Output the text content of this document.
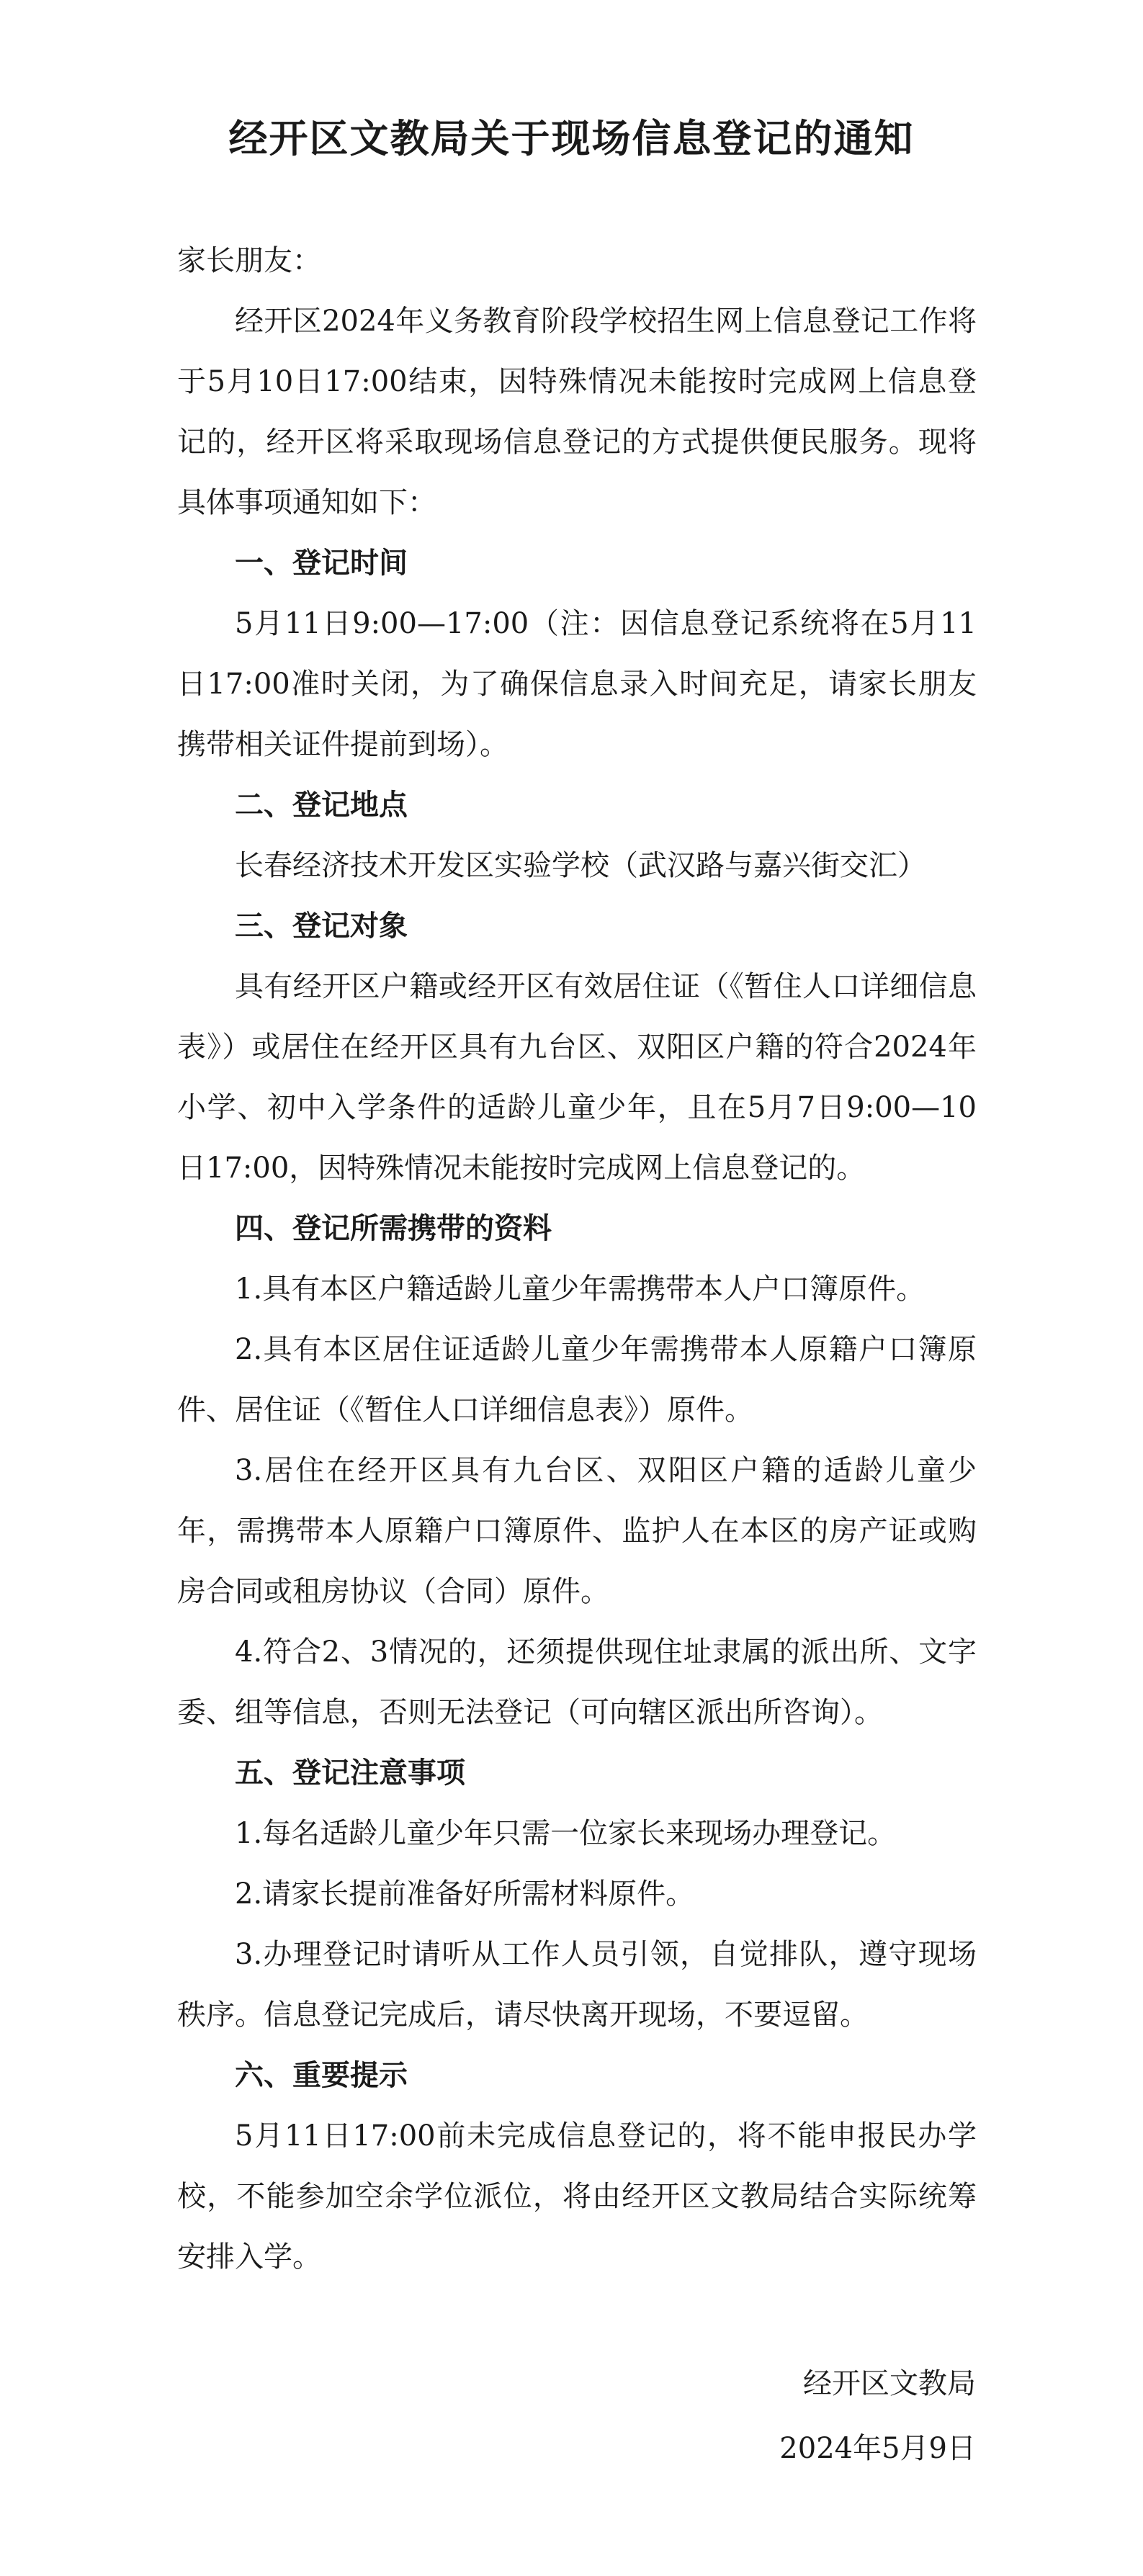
经开区文教局关于现场信息登记的通知

家长朋友：

经开区2024年义务教育阶段学校招生网上信息登记工作将于5月10日17:00结束，因特殊情况未能按时完成网上信息登记的，经开区将采取现场信息登记的方式提供便民服务。现将具体事项通知如下：

一、登记时间

5月11日9:00—17:00（注：因信息登记系统将在5月11日17:00准时关闭，为了确保信息录入时间充足，请家长朋友携带相关证件提前到场）。

二、登记地点

长春经济技术开发区实验学校（武汉路与嘉兴街交汇）

三、登记对象

具有经开区户籍或经开区有效居住证（《暂住人口详细信息表》）或居住在经开区具有九台区、双阳区户籍的符合2024年小学、初中入学条件的适龄儿童少年，且在5月7日9:00—10日17:00，因特殊情况未能按时完成网上信息登记的。

四、登记所需携带的资料

1.具有本区户籍适龄儿童少年需携带本人户口簿原件。

2.具有本区居住证适龄儿童少年需携带本人原籍户口簿原件、居住证（《暂住人口详细信息表》）原件。

3.居住在经开区具有九台区、双阳区户籍的适龄儿童少年，需携带本人原籍户口簿原件、监护人在本区的房产证或购房合同或租房协议（合同）原件。

4.符合2、3情况的，还须提供现住址隶属的派出所、文字委、组等信息，否则无法登记（可向辖区派出所咨询）。

五、登记注意事项

1.每名适龄儿童少年只需一位家长来现场办理登记。

2.请家长提前准备好所需材料原件。

3.办理登记时请听从工作人员引领，自觉排队，遵守现场秩序。信息登记完成后，请尽快离开现场，不要逗留。

六、重要提示

5月11日17:00前未完成信息登记的，将不能申报民办学校，不能参加空余学位派位，将由经开区文教局结合实际统筹安排入学。

经开区文教局

2024年5月9日
